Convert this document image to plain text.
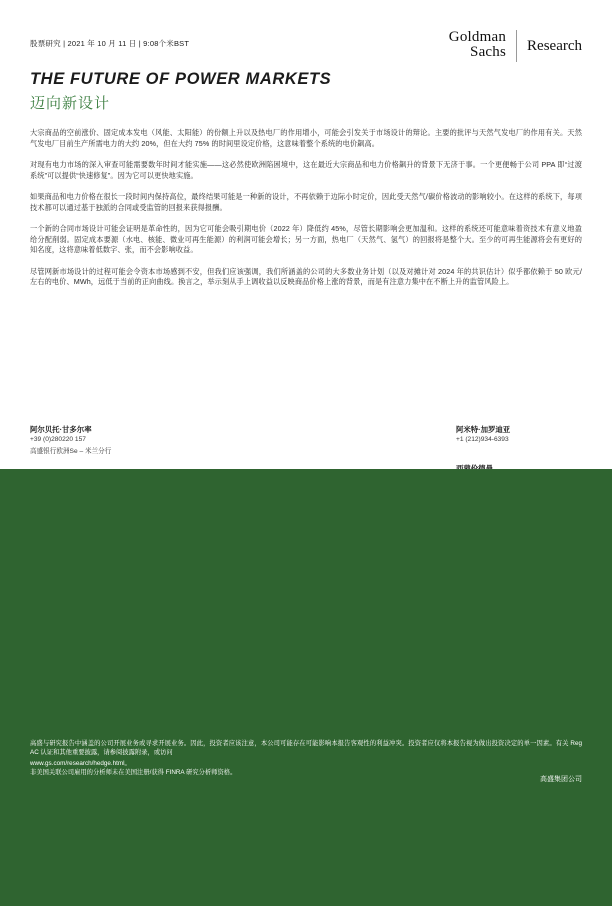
股票研究 | 2021 年 10 月 11 日 | 9:08个米BST	Goldman
Sachs Research
THE FUTURE OF POWER MARKETS
迈向新设计
大宗商品的空前涨价、固定成本发电（风能、太阳能）的份额上升以及热电厂的作用增小，可能会引发关于市场设计的辩论。主要的批评与天然气发电厂的作用有关。天然气发电厂目前生产所需电力的大约 20%，但在大约 75% 的时间里设定价格，这意味着整个系统的电价飙高。
对现有电力市场的深入审查可能需要数年时间才能实施——这必然使欧洲陷困境中，这在最近大宗商品和电力价格飙升的背景下无济于事。一个更便畅于公司 PPA 即“过渡系统”可以提供“快速修复”。因为它可以更快地实施。
如果商品和电力价格在很长一段时间内保持高位，最终结果可能是一种新的设计，不再依赖于边际小时定价，因此受天然气/碳价格波动的影响较小。在这样的系统下，每项技术都可以通过基于独派的合同或受监管的回报来获得报酬。
一个新的合同市场设计可能会证明是革命性的，因为它可能会吸引期电价（2022 年）降低约 45%，尽管长期影响会更加温和。这样的系统还可能意味着资技术有意义地盈给分配削弱。固定成本要源（水电、核能、微业可再生能源）的利润可能会增长；另一方面，热电厂（天然气、氢气）的回报将是整个大。至少的可再生能源将会有更好的知名度，这将意味着低数字、张，而不会影响收益。
尽管网新市场设计的过程可能会令资本市场感到不安，但我们应该强调，我们所涵盖的公司的大多数业务计划（以及对摊计对 2024 年的共识估计）似乎都依赖于 50 欧元/左右的电价、MWh，远低于当前的正向曲线。换言之，举示刻从手上调收益以反映商品价格上涨的背景，而是有注意力集中在不断上升的监管风险上。
阿尔贝托·甘多尔率
+39 (0)280220 157
高盛银行欧洲Se – 米兰分行
阿米特·加罗迪亚
+1 (212)934-6393
高盛与研究报告中涵盖的公司开展业务或寻求开展业务。因此，投资者应该注意，本公司可能存在可能影响本报告客观性的利益冲突。投资者应仅将本报告视为做出投资决定的单一因素。有关 Reg AC 认证和其他重要披露，请参阅披露附录，或访问
www.gs.com/research/hedge.html。
非美国关联公司雇用的分析师未在美国注册/获得 FINRA 研究分析师资格。
高盛集团公司
